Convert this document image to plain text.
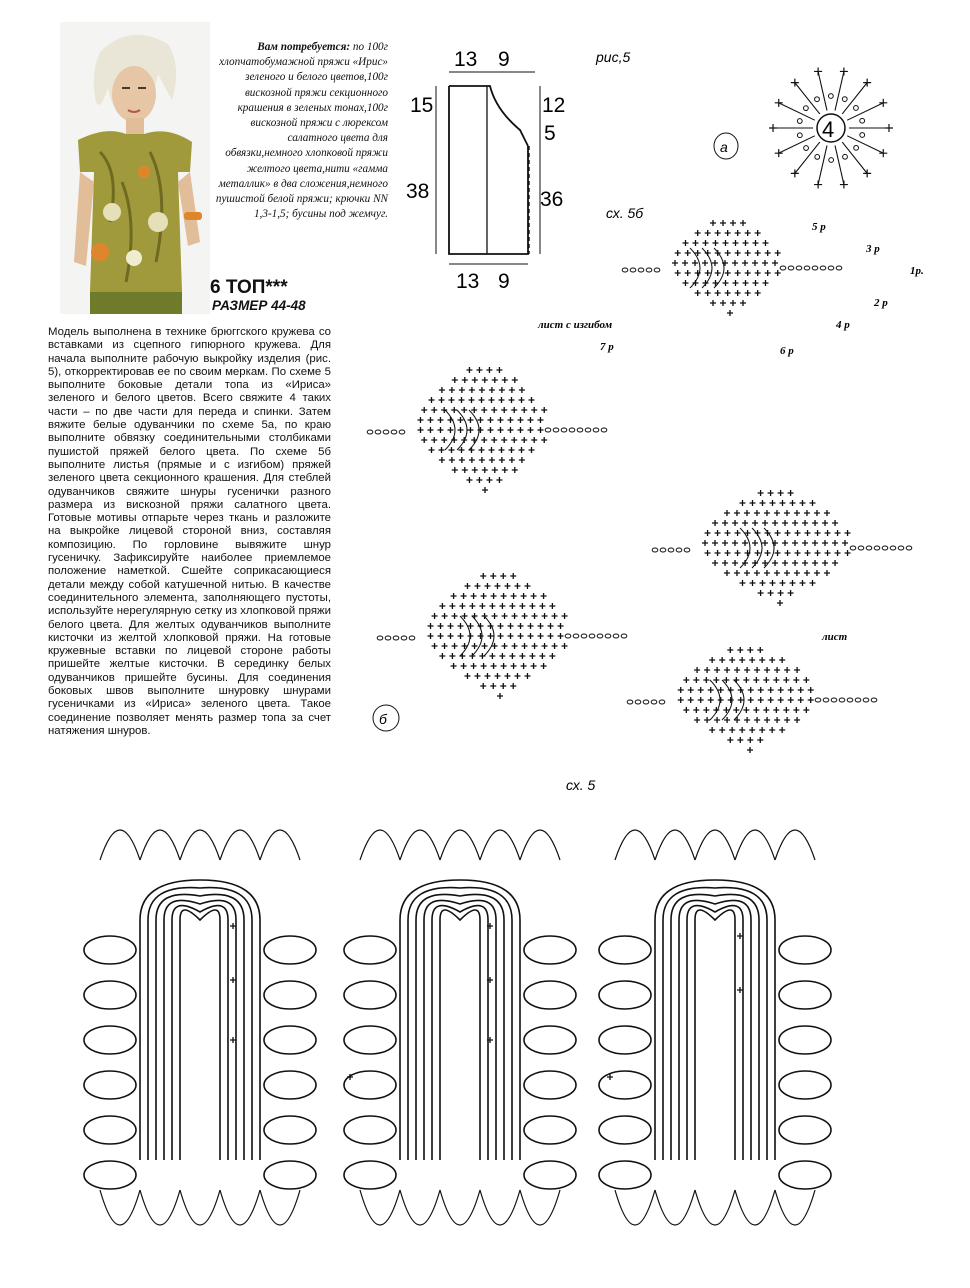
Вам потребуется: по 100г хлопчатобумажной пряжи «Ирис» зеленого и белого цветов,100г вискозной пряжи секционного крашения в зеленых тонах,100г вискозной пряжи с люрексом салатного цвета для обвязки,немного хлопковой пряжи желтого цвета,нити «гамма металлик» в два сложения,немного пушистой белой пряжи; крючки NN 1,3-1,5; бусины под жемчуг.
6 ТОП***
РАЗМЕР 44-48
Модель выполнена в технике брюггского кружева со вставками из сцепного гипюрного кружева. Для начала выполните рабочую выкройку изделия (рис. 5), откорректировав ее по своим меркам. По схеме 5 выполните боковые детали топа из «Ириса» зеленого и белого цветов. Всего свяжите 4 таких части – по две части для переда и спинки. Затем вяжите белые одуванчики по схеме 5а, по краю выполните обвязку соединительными столбиками пушистой пряжей белого цвета. По схеме 5б выполните листья (прямые и с изгибом) пряжей зеленого цвета секционного крашения. Для стеблей одуванчиков свяжите шнуры гусенички разного размера из вискозной пряжи салатного цвета. Готовые мотивы отпарьте через ткань и разложите на выкройке лицевой стороной вниз, составляя композицию. По горловине вывяжите шнур гусеничку. Зафиксируйте наиболее приемлемое положение наметкой. Сшейте соприкасающиеся детали между собой катушечной нитью. В качестве соединительного элемента, заполняющего пустоты, используйте нерегулярную сетку из хлопковой пряжи белого цвета. Для желтых одуванчиков выполните кисточки из желтой хлопковой пряжи. На готовые кружевные вставки по лицевой стороне работы пришейте желтые кисточки. В серединку белых одуванчиков пришейте бусины. Для соединения боковых швов выполните шнуровку шнурами гусеничками из «Ириса» зеленого цвета. Такое соединение позволяет менять размер топа за счет натяжения шнуров.
рис,5
13 9
15
38
12
5
36
13 9
4
а
сх. 5б
лист с изгибом
лист
б
5 р
3 р
1р.
2 р
4 р
6 р
7 р
сх. 5
